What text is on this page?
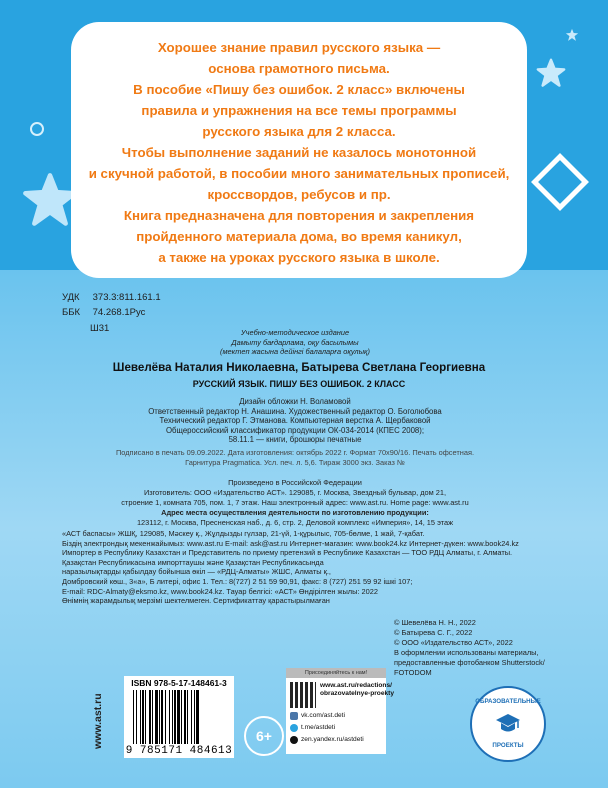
Хорошее знание правил русского языка —
основа грамотного письма.
В пособие «Пишу без ошибок. 2 класс» включены
правила и упражнения на все темы программы
русского языка для 2 класса.
Чтобы выполнение заданий не казалось монотонной
и скучной работой, в пособии много занимательных прописей,
кроссвордов, ребусов и пр.
Книга предназначена для повторения и закрепления
пройденного материала дома, во время каникул,
а также на уроках русского языка в школе.
УДК 373.3:811.161.1
ББК 74.268.1Рус
Ш31	Учебно-методическое издание
Дамыту бағдарлама, оқу басылымы
(мектеп жасына дейінгі балаларға оқулық)
Шевелёва Наталия Николаевна, Батырева Светлана Георгиевна
РУССКИЙ ЯЗЫК. ПИШУ БЕЗ ОШИБОК. 2 КЛАСС
Дизайн обложки Н. Воламовой
Ответственный редактор Н. Анашина. Художественный редактор О. Боголюбова
Технический редактор Г. Этманова. Компьютерная верстка А. Щербаковой
Общероссийский классификатор продукции ОК-034-2014 (КПЕС 2008);
58.11.1 — книги, брошюры печатные
Подписано в печать 09.09.2022. Дата изготовления: октябрь 2022 г. Формат 70х90/16. Печать офсетная.
Гарнитура Pragmatica. Усл. печ. л. 5,6. Тираж 3000 экз. Заказ №
Произведено в Российской Федерации
Изготовитель: ООО «Издательство АСТ». 129085, г. Москва, Звездный бульвар, дом 21,
строение 1, комната 705, пом. 1, 7 этаж. Наш электронный адрес: www.ast.ru. Home page: www.ast.ru
Адрес места осуществления деятельности по изготовлению продукции:
123112, г. Москва, Пресненская наб., д. 6, стр. 2, Деловой комплекс «Империя», 14, 15 этаж
«АСТ баспасы» ЖШҚ, 129085, Мәскеу қ., Жұлдызды гүлзар, 21-үй, 1-құрылыс, 705-бөлме, 1 жай, 7-қабат.
Біздің электрондық мекенжайымыз: www.ast.ru E-mail: ask@ast.ru Интернет-магазин: www.book24.kz Интернет-дүкен: www.book24.kz
Импортер в Республику Казахстан и Представитель по приему претензий в Республике Казахстан — ТОО РДЦ Алматы, г. Алматы.
Қазақстан Республикасына импорттаушы және Қазақстан Республикасында
наразылықтарды қабылдау бойынша өкіл — «РДЦ-Алматы» ЖШС, Алматы қ.,
Домбровский көш., 3«а», Б литері, офис 1. Тел.: 8(727) 2 51 59 90,91, факс: 8 (727) 251 59 92 ішкі 107;
E-mail: RDC-Almaty@eksmo.kz, www.book24.kz. Тауар белгісі: «АСТ» Өндірілген жылы: 2022
Өнімнің жарамдылық мерзімі шектелмеген. Сертификаттау қарастырылмаған
© Шевелёва Н. Н., 2022
© Батырева С. Г., 2022
© ООО «Издательство АСТ», 2022
В оформлении использованы материалы,
предоставленные фотобанком Shutterstock/
FOTODOM
www.ast.ru
ISBN 978-5-17-148461-3
9 785171 484613
6+
Присоединяйтесь к нам!
www.ast.ru/redactions/
obrazovatelnye-proekty
vk.com/ast.deti
t.me/astdeti
zen.yandex.ru/astdeti
ОБРАЗОВАТЕЛЬНЫЕ
ПРОЕКТЫ
